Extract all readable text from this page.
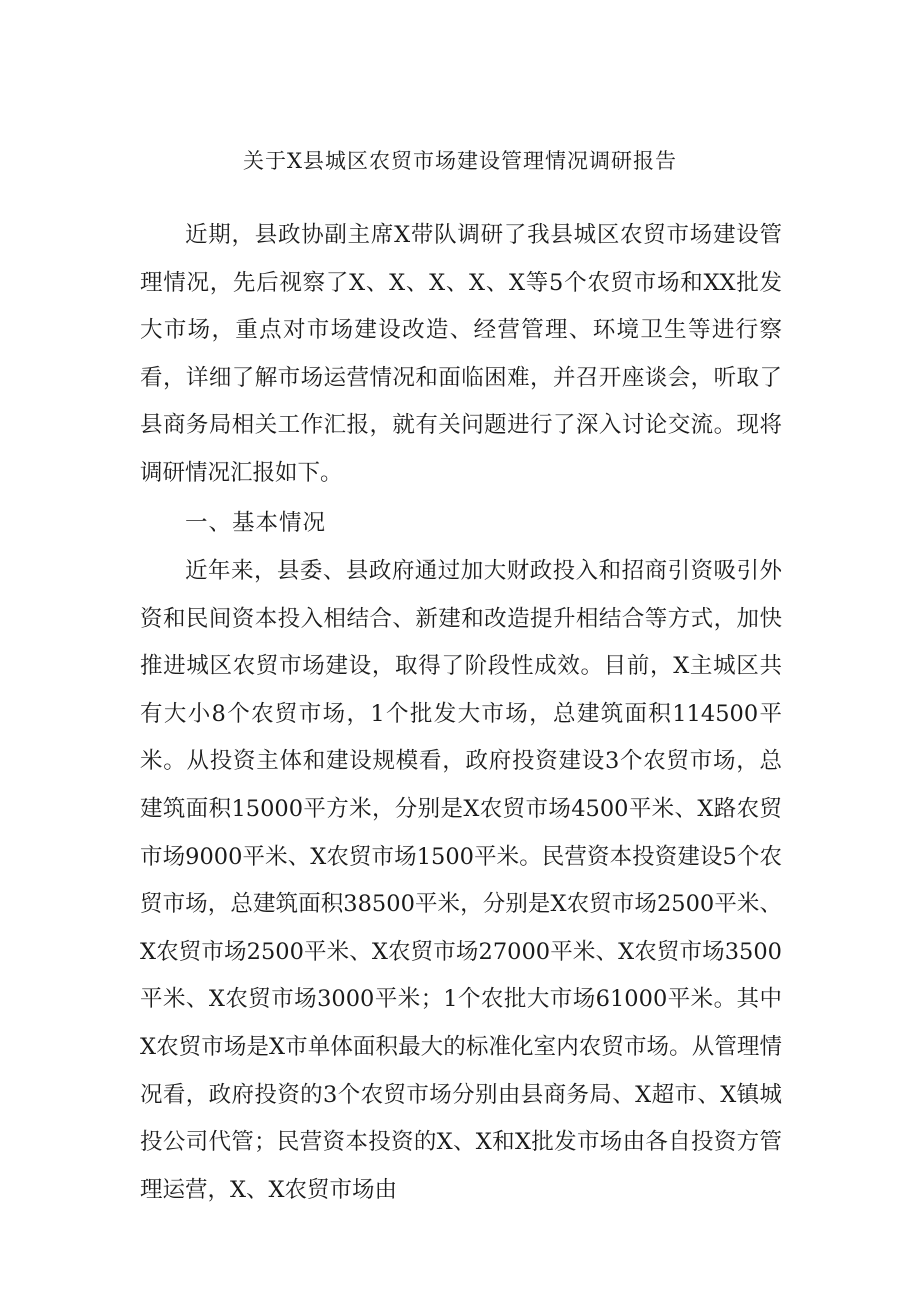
关于X县城区农贸市场建设管理情况调研报告

近期，县政协副主席X带队调研了我县城区农贸市场建设管理情况，先后视察了X、X、X、X、X等5个农贸市场和XX批发大市场，重点对市场建设改造、经营管理、环境卫生等进行察看，详细了解市场运营情况和面临困难，并召开座谈会，听取了县商务局相关工作汇报，就有关问题进行了深入讨论交流。现将调研情况汇报如下。

一、基本情况

近年来，县委、县政府通过加大财政投入和招商引资吸引外资和民间资本投入相结合、新建和改造提升相结合等方式，加快推进城区农贸市场建设，取得了阶段性成效。目前，X主城区共有大小8个农贸市场，1个批发大市场，总建筑面积114500平米。从投资主体和建设规模看，政府投资建设3个农贸市场，总建筑面积15000平方米，分别是X农贸市场4500平米、X路农贸市场9000平米、X农贸市场1500平米。民营资本投资建设5个农贸市场，总建筑面积38500平米，分别是X农贸市场2500平米、X农贸市场2500平米、X农贸市场27000平米、X农贸市场3500平米、X农贸市场3000平米；1个农批大市场61000平米。其中X农贸市场是X市单体面积最大的标准化室内农贸市场。从管理情况看，政府投资的3个农贸市场分别由县商务局、X超市、X镇城投公司代管；民营资本投资的X、X和X批发市场由各自投资方管理运营，X、X农贸市场由
